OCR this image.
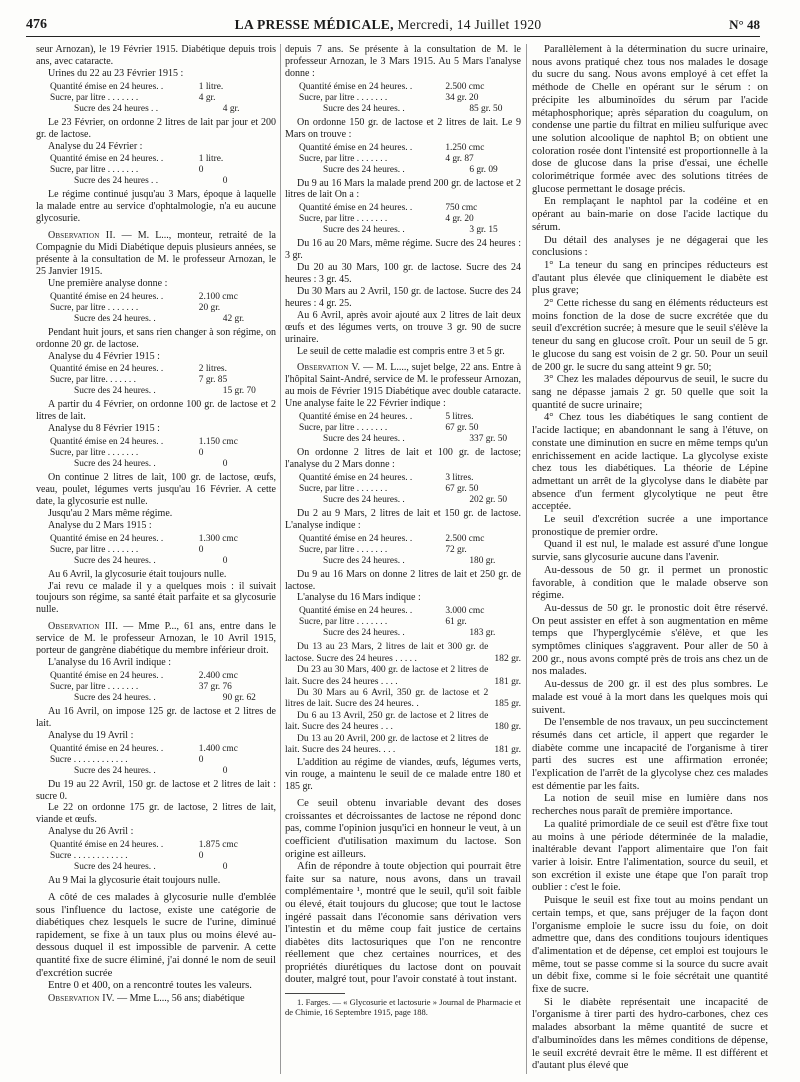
476	LA PRESSE MÉDICALE, Mercredi, 14 Juillet 1920	N° 48

seur Arnozan), le 19 Février 1915. Diabétique depuis trois ans, avec cataracte.

Urines du 22 au 23 Février 1915 :

Quantité émise en 24 heures. .	1 litre.
Sucre, par litre . . . . . . .	4 gr.
Sucre des 24 heures . .	4 gr.

Le 23 Février, on ordonne 2 litres de lait par jour et 200 gr. de lactose.

Analyse du 24 Février :

Quantité émise en 24 heures. .	1 litre.
Sucre, par litre . . . . . . .	0
Sucre des 24 heures . .	0

Le régime continué jusqu'au 3 Mars, époque à laquelle la malade entre au service d'ophtalmologie, n'a eu aucune glycosurie.

Observation II. — M. L..., monteur, retraité de la Compagnie du Midi Diabétique depuis plusieurs années, se présente à la consultation de M. le professeur Arnozan, le 25 Janvier 1915.

Une première analyse donne :

Quantité émise en 24 heures. .	2.100 cmc
Sucre, par litre . . . . . . .	20 gr.
Sucre des 24 heures. .	42 gr.

Pendant huit jours, et sans rien changer à son régime, on ordonne 20 gr. de lactose.

Analyse du 4 Février 1915 :

Quantité émise en 24 heures. .	2 litres.
Sucre, par litre. . . . . . .	7 gr. 85
Sucre des 24 heures. .	15 gr. 70

A partir du 4 Février, on ordonne 100 gr. de lactose et 2 litres de lait.

Analyse du 8 Février 1915 :

Quantité émise en 24 heures. .	1.150 cmc
Sucre, par litre . . . . . . .	0
Sucre des 24 heures. .	0

On continue 2 litres de lait, 100 gr. de lactose, œufs, veau, poulet, légumes verts jusqu'au 16 Février. A cette date, la glycosurie est nulle.

Jusqu'au 2 Mars même régime.

Analyse du 2 Mars 1915 :

Quantité émise en 24 heures. .	1.300 cmc
Sucre, par litre . . . . . . .	0
Sucre des 24 heures. .	0

Au 6 Avril, la glycosurie était toujours nulle.

J'ai revu ce malade il y a quelques mois : il suivait toujours son régime, sa santé était parfaite et sa glycosurie nulle.

Observation III. — Mme P..., 61 ans, entre dans le service de M. le professeur Arnozan, le 10 Avril 1915, porteur de gangrène diabétique du membre inférieur droit.

L'analyse du 16 Avril indique :

Quantité émise en 24 heures. .	2.400 cmc
Sucre, par litre . . . . . . .	37 gr. 76
Sucre des 24 heures. .	90 gr. 62

Au 16 Avril, on impose 125 gr. de lactose et 2 litres de lait.

Analyse du 19 Avril :

Quantité émise en 24 heures. .	1.400 cmc
Sucre . . . . . . . . . . . .	0
Sucre des 24 heures. .	0

Du 19 au 22 Avril, 150 gr. de lactose et 2 litres de lait : sucre 0.

Le 22 on ordonne 175 gr. de lactose, 2 litres de lait, viande et œufs.

Analyse du 26 Avril :

Quantité émise en 24 heures. .	1.875 cmc
Sucre . . . . . . . . . . . .	0
Sucre des 24 heures. .	0

Au 9 Mai la glycosurie était toujours nulle.

A côté de ces malades à glycosurie nulle d'emblée sous l'influence du lactose, existe une catégorie de diabétiques chez lesquels le sucre de l'urine, diminué rapidement, se fixe à un taux plus ou moins élevé au-dessous duquel il est impossible de parvenir. A cette quantité fixe de sucre éliminé, j'ai donné le nom de seuil d'excrétion sucrée

Entre 0 et 400, on a rencontré toutes les valeurs.

Observation IV. — Mme L..., 56 ans; diabétique

depuis 7 ans. Se présente à la consultation de M. le professeur Arnozan, le 3 Mars 1915. Au 5 Mars l'analyse donne :

Quantité émise en 24 heures. .	2.500 cmc
Sucre, par litre . . . . . . .	34 gr. 20
Sucre des 24 heures. .	85 gr. 50

On ordonne 150 gr. de lactose et 2 litres de lait. Le 9 Mars on trouve :

Quantité émise en 24 heures. .	1.250 cmc
Sucre, par litre . . . . . . .	4 gr. 87
Sucre des 24 heures. .	6 gr. 09

Du 9 au 16 Mars la malade prend 200 gr. de lactose et 2 litres de lait On a :

Quantité émise en 24 heures. .	750 cmc
Sucre, par litre . . . . . . .	4 gr. 20
Sucre des 24 heures. .	3 gr. 15

Du 16 au 20 Mars, même régime. Sucre des 24 heures : 3 gr.

Du 20 au 30 Mars, 100 gr. de lactose. Sucre des 24 heures : 3 gr. 45.

Du 30 Mars au 2 Avril, 150 gr. de lactose. Sucre des 24 heures : 4 gr. 25.

Au 6 Avril, après avoir ajouté aux 2 litres de lait deux œufs et des légumes verts, on trouve 3 gr. 90 de sucre urinaire.

Le seuil de cette maladie est compris entre 3 et 5 gr.

Observation V. — M. L...., sujet belge, 22 ans. Entre à l'hôpital Saint-André, service de M. le professeur Arnozan, au mois de Février 1915 Diabétique avec double cataracte. Une analyse faite le 22 Février indique :

Quantité émise en 24 heures. .	5 litres.
Sucre, par litre . . . . . . .	67 gr. 50
Sucre des 24 heures. .	337 gr. 50

On ordonne 2 litres de lait et 100 gr. de lactose; l'analyse du 2 Mars donne :

Quantité émise en 24 heures. .	3 litres.
Sucre, par litre . . . . . . .	67 gr. 50
Sucre des 24 heures. .	202 gr. 50

Du 2 au 9 Mars, 2 litres de lait et 150 gr. de lactose. L'analyse indique :

Quantité émise en 24 heures. .	2.500 cmc
Sucre, par litre . . . . . . .	72 gr.
Sucre des 24 heures. .	180 gr.

Du 9 au 16 Mars on donne 2 litres de lait et 250 gr. de lactose.

L'analyse du 16 Mars indique :

Quantité émise en 24 heures. .	3.000 cmc
Sucre, par litre . . . . . . .	61 gr.
Sucre des 24 heures. .	183 gr.
Du 13 au 23 Mars, 2 litres de lait et 300 gr. de lactose. Sucre des 24 heures . . . . .	182 gr.
Du 23 au 30 Mars, 400 gr. de lactose et 2 litres de lait. Sucre des 24 heures . . . .	181 gr.
Du 30 Mars au 6 Avril, 350 gr. de lactose et 2 litres de lait. Sucre des 24 heures. .	185 gr.
Du 6 au 13 Avril, 250 gr. de lactose et 2 litres de lait. Sucre des 24 heures . . .	180 gr.
Du 13 au 20 Avril, 200 gr. de lactose et 2 litres de lait. Sucre des 24 heures. . . .	181 gr.

L'addition au régime de viandes, œufs, légumes verts, vin rouge, a maintenu le seuil de ce malade entre 180 et 185 gr.

Ce seuil obtenu invariable devant des doses croissantes et décroissantes de lactose ne répond donc pas, comme l'opinion jusqu'ici en honneur le veut, à un coefficient d'utilisation maximum du lactose. Son origine est ailleurs.

Afin de répondre à toute objection qui pourrait être faite sur sa nature, nous avons, dans un travail complémentaire ¹, montré que le seuil, qu'il soit faible ou élevé, était toujours du glucose; que tout le lactose ingéré passait dans l'économie sans dérivation vers l'intestin et du même coup fait justice de certains diabètes dits lactosuriques que l'on ne rencontre réellement que chez certaines nourrices, et des propriétés diurétiques du lactose dont on pouvait douter, malgré tout, pour l'avoir constaté à tout instant.

1. Farges. — « Glycosurie et lactosurie » Journal de Pharmacie et de Chimie, 16 Septembre 1915, page 188.

Parallèlement à la détermination du sucre urinaire, nous avons pratiqué chez tous nos malades le dosage du sucre du sang. Nous avons employé à cet effet la méthode de Chelle en opérant sur le sérum : on précipite les albuminoïdes du sérum par l'acide métaphosphorique; après séparation du coagulum, on condense une partie du filtrat en milieu sulfurique avec une solution alcoolique de naphtol B; on obtient une coloration rosée dont l'intensité est proportionnelle à la dose de glucose dans la prise d'essai, une échelle colorimétrique formée avec des solutions titrées de glucose permettant le dosage précis.

En remplaçant le naphtol par la codéine et en opérant au bain-marie on dose l'acide lactique du sérum.

Du détail des analyses je ne dégagerai que les conclusions :

1° La teneur du sang en principes réducteurs est d'autant plus élevée que cliniquement le diabète est plus grave;

2° Cette richesse du sang en éléments réducteurs est moins fonction de la dose de sucre excrétée que du seuil d'excrétion sucrée; à mesure que le seuil s'élève la teneur du sang en glucose croît. Pour un seuil de 5 gr. le glucose du sang est voisin de 2 gr. 50. Pour un seuil de 200 gr. le sucre du sang atteint 9 gr. 50;

3° Chez les malades dépourvus de seuil, le sucre du sang ne dépasse jamais 2 gr. 50 quelle que soit la quantité de sucre urinaire;

4° Chez tous les diabétiques le sang contient de l'acide lactique; en abandonnant le sang à l'étuve, on constate une diminution en sucre en même temps qu'un enrichissement en acide lactique. La glycolyse existe chez tous les diabétiques. La théorie de Lépine admettant un arrêt de la glycolyse dans le diabète par absence d'un ferment glycolytique ne peut être acceptée.

Le seuil d'excrétion sucrée a une importance pronostique de premier ordre.

Quand il est nul, le malade est assuré d'une longue survie, sans glycosurie aucune dans l'avenir.

Au-dessous de 50 gr. il permet un pronostic favorable, à condition que le malade observe son régime.

Au-dessus de 50 gr. le pronostic doit être réservé. On peut assister en effet à son augmentation en même temps que l'hyperglycémie s'élève, et que les symptômes cliniques s'aggravent. Pour aller de 50 à 200 gr., nous avons compté près de trois ans chez un de nos malades.

Au-dessus de 200 gr. il est des plus sombres. Le malade est voué à la mort dans les quelques mois qui suivent.

De l'ensemble de nos travaux, un peu succinctement résumés dans cet article, il appert que regarder le diabète comme une incapacité de l'organisme à tirer parti des sucres est une affirmation erronée; l'explication de l'arrêt de la glycolyse chez ces malades est démentie par les faits.

La notion de seuil mise en lumière dans nos recherches nous paraît de première importance.

La qualité primordiale de ce seuil est d'être fixe tout au moins à une période déterminée de la maladie, inaltérable devant l'apport alimentaire que l'on fait varier à loisir. Entre l'alimentation, source du seuil, et son excrétion il existe une étape que l'on paraît trop oublier : c'est le foie.

Puisque le seuil est fixe tout au moins pendant un certain temps, et que, sans préjuger de la façon dont l'organisme emploie le sucre issu du foie, on doit admettre que, dans des conditions toujours identiques d'alimentation et de dépense, cet emploi est toujours le même, tout se passe comme si la source du sucre avait un débit fixe, comme si le foie sécrétait une quantité fixe de sucre.

Si le diabète représentait une incapacité de l'organisme à tirer parti des hydro-carbones, chez ces malades absorbant la même quantité de sucre et d'albuminoïdes dans les mêmes conditions de dépense, le seuil excrété devrait être le même. Il est différent et d'autant plus élevé que
